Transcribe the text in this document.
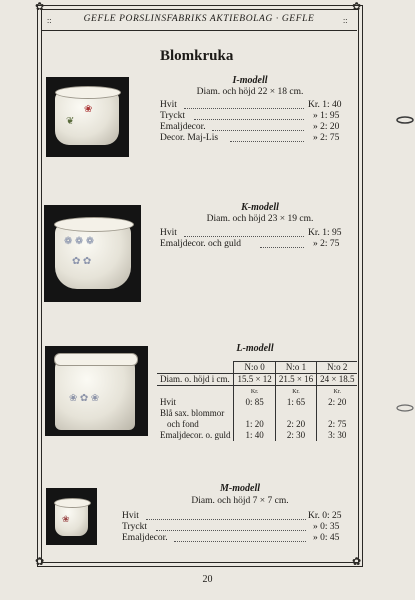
✿	✿
✿	✿
::	GEFLE PORSLINSFABRIKS AKTIEBOLAG · GEFLE	::
Blomkruka
❀
❦
I-modell
Diam. och höjd 22 × 18 cm.
Hvit	Kr. 1: 40
Tryckt	» 1: 95
Emaljdecor.	» 2: 20
Decor. Maj-Lis	» 2: 75
❁ ❁ ❁
✿ ✿
K-modell
Diam. och höjd 23 × 19 cm.
Hvit	Kr. 1: 95
Emaljdecor. och guld	» 2: 75
❀ ✿ ❀
L-modell
	N:o 0	N:o 1	N:o 2
Diam. o. höjd i cm.	15.5 × 12	21.5 × 16	24 × 18.5
	Kr.	Kr.	Kr.
Hvit	0: 85	1: 65	2: 20
Blå sax. blommor			
och fond	1: 20	2: 20	2: 75
Emaljdecor. o. guld	1: 40	2: 30	3: 30
❀
M-modell
Diam. och höjd 7 × 7 cm.
Hvit	Kr. 0: 25
Tryckt	» 0: 35
Emaljdecor.	» 0: 45
20
